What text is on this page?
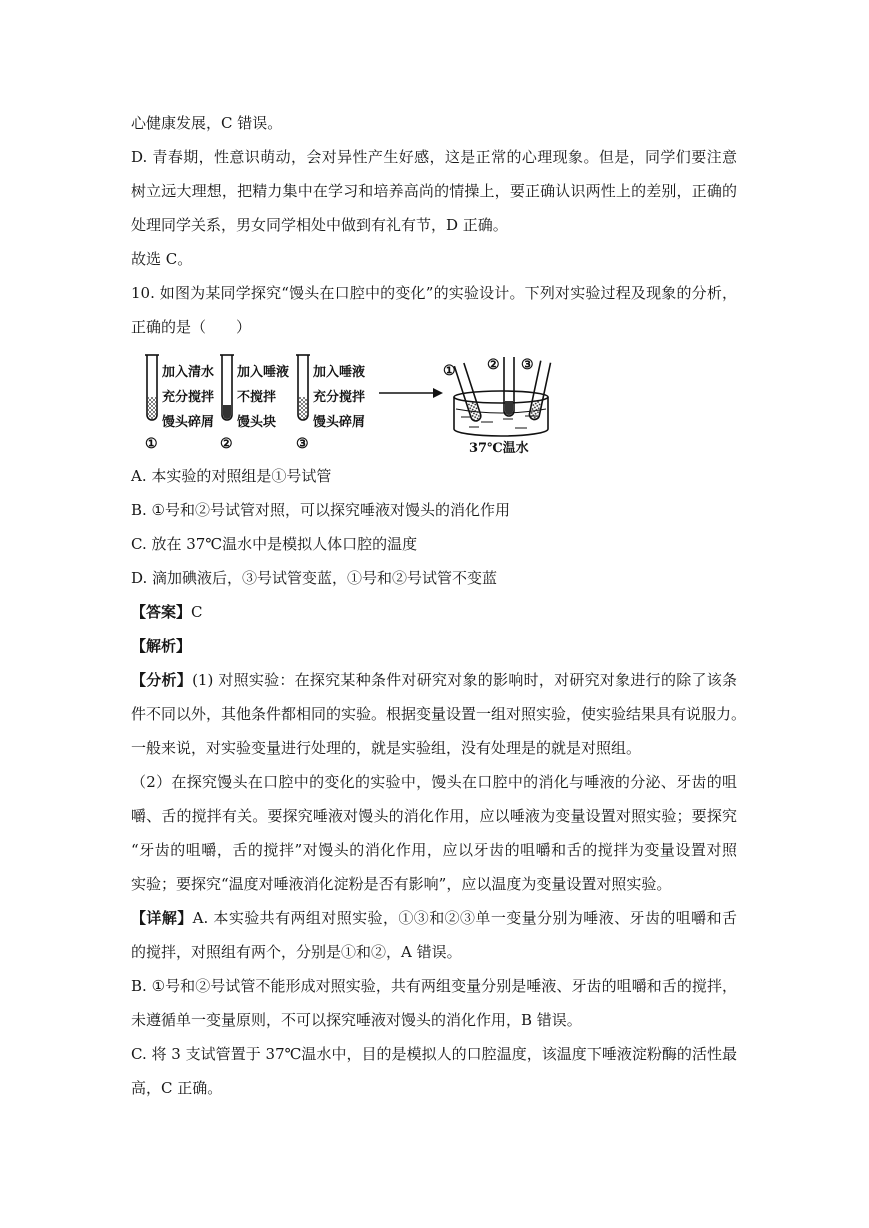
心健康发展，C 错误。
D. 青春期，性意识萌动，会对异性产生好感，这是正常的心理现象。但是，同学们要注意
树立远大理想，把精力集中在学习和培养高尚的情操上，要正确认识两性上的差别，正确的
处理同学关系，男女同学相处中做到有礼有节，D 正确。
故选 C。
10. 如图为某同学探究“馒头在口腔中的变化”的实验设计。下列对实验过程及现象的分析，
正确的是（　　）
加入清水
充分搅拌
馒头碎屑
①
加入唾液
不搅拌
馒头块
②
加入唾液
充分搅拌
馒头碎屑
③
① ② ③
37℃温水
A. 本实验的对照组是①号试管
B. ①号和②号试管对照，可以探究唾液对馒头的消化作用
C. 放在 37℃温水中是模拟人体口腔的温度
D. 滴加碘液后，③号试管变蓝，①号和②号试管不变蓝
【答案】C
【解析】
【分析】(1) 对照实验：在探究某种条件对研究对象的影响时，对研究对象进行的除了该条
件不同以外，其他条件都相同的实验。根据变量设置一组对照实验，使实验结果具有说服力。
一般来说，对实验变量进行处理的，就是实验组，没有处理是的就是对照组。
（2）在探究馒头在口腔中的变化的实验中，馒头在口腔中的消化与唾液的分泌、牙齿的咀
嚼、舌的搅拌有关。要探究唾液对馒头的消化作用，应以唾液为变量设置对照实验；要探究
“牙齿的咀嚼，舌的搅拌”对馒头的消化作用，应以牙齿的咀嚼和舌的搅拌为变量设置对照
实验；要探究“温度对唾液消化淀粉是否有影响”，应以温度为变量设置对照实验。
【详解】A. 本实验共有两组对照实验，①③和②③单一变量分别为唾液、牙齿的咀嚼和舌
的搅拌，对照组有两个，分别是①和②，A 错误。
B. ①号和②号试管不能形成对照实验，共有两组变量分别是唾液、牙齿的咀嚼和舌的搅拌，
未遵循单一变量原则，不可以探究唾液对馒头的消化作用，B 错误。
C. 将 3 支试管置于 37℃温水中，目的是模拟人的口腔温度，该温度下唾液淀粉酶的活性最
高，C 正确。
